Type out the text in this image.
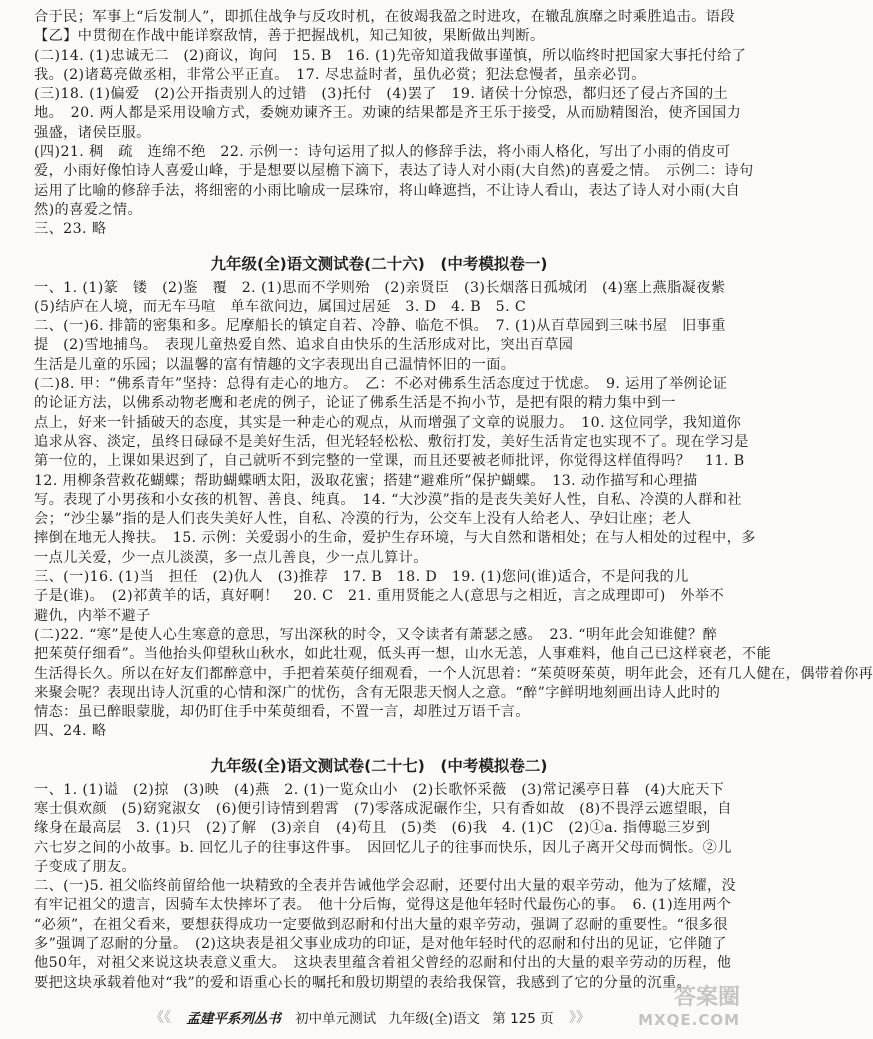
合于民；军事上“后发制人”，即抓住战争与反攻时机，在彼竭我盈之时进攻，在辙乱旗靡之时乘胜追击。语段
【乙】中贯彻在作战中能详察敌情，善于把握战机，知己知彼，果断做出判断。
(二)14. (1)忠诚无二　(2)商议，询问　15. B　16. (1)先帝知道我做事谨慎，所以临终时把国家大事托付给了
我。(2)诸葛亮做丞相，非常公平正直。　17. 尽忠益时者，虽仇必赏；犯法怠慢者，虽亲必罚。
(三)18. (1)偏爱　(2)公开指责别人的过错　(3)托付　(4)罢了　19. 诸侯十分惊恐，都归还了侵占齐国的土
地。　20. 两人都是采用设喻方式，委婉劝谏齐王。劝谏的结果都是齐王乐于接受，从而励精图治，使齐国国力
强盛，诸侯臣服。
(四)21. 稠　疏　连绵不绝　22. 示例一：诗句运用了拟人的修辞手法，将小雨人格化，写出了小雨的俏皮可
爱，小雨好像怕诗人喜爱山峰，于是想要以屋檐下滴下，表达了诗人对小雨(大自然)的喜爱之情。　示例二：诗句
运用了比喻的修辞手法，将细密的小雨比喻成一层珠帘，将山峰遮挡，不让诗人看山，表达了诗人对小雨(大自
然)的喜爱之情。
三、23. 略
九年级(全)语文测试卷(二十六)　(中考模拟卷一)
一、1. (1)篆　镂　(2)鉴　覆　2. (1)思而不学则殆　(2)亲贤臣　(3)长烟落日孤城闭　(4)塞上燕脂凝夜紫
(5)结庐在人境，而无车马喧　单车欲问边，属国过居延　3. D　4. B　5. C
二、(一)6. 排箭的密集和多。尼摩船长的镇定自若、冷静、临危不惧。　7. (1)从百草园到三味书屋　旧事重
提　(2)雪地捕鸟。　表现儿童热爱自然、追求自由快乐的生活形成对比，突出百草园
生活是儿童的乐园；以温馨的富有情趣的文字表现出自己温情怀旧的一面。
(二)8. 甲：“佛系青年”坚持：总得有走心的地方。　乙：不必对佛系生活态度过于忧虑。　9. 运用了举例论证
的论证方法，以佛系动物老鹰和老虎的例子，论证了佛系生活是不拘小节，是把有限的精力集中到一
点上，好来一针插破天的态度，其实是一种走心的观点，从而增强了文章的说服力。　10. 这位同学，我知道你
追求从容、淡定，虽终日碌碌不是美好生活，但光轻轻松松、敷衍打发，美好生活肯定也实现不了。现在学习是
第一位的，上课如果迟到了，自己就听不到完整的一堂课，而且还要被老师批评，你觉得这样值得吗？　11. B
12. 用柳条营救花蝴蝶；帮助蝴蝶晒太阳，汲取花蜜；搭建“避难所”保护蝴蝶。　13. 动作描写和心理描
写。表现了小男孩和小女孩的机智、善良、纯真。　14. “大沙漠”指的是丧失美好人性，自私、冷漠的人群和社
会；“沙尘暴”指的是人们丧失美好人性，自私、冷漠的行为，公交车上没有人给老人、孕妇让座；老人
摔倒在地无人搀扶。　15. 示例：关爱弱小的生命，爱护生存环境，与大自然和谐相处；在与人相处的过程中，多
一点儿关爱，少一点儿淡漠，多一点儿善良，少一点儿算计。
三、(一)16. (1)当　担任　(2)仇人　(3)推荐　17. B　18. D　19. (1)您问(谁)适合，不是问我的儿
子是(谁)。　(2)祁黄羊的话，真好啊！　20. C　21. 重用贤能之人(意思与之相近，言之成理即可)　外举不
避仇，内举不避子
(二)22. “寒”是使人心生寒意的意思，写出深秋的时令，又令读者有萧瑟之感。　23. “明年此会知谁健？醉
把茱萸仔细看”。当他抬头仰望秋山秋水，如此壮观，低头再一想，山水无恙，人事难料，他自己已这样衰老，不能
生活得长久。所以在好友们都醉意中，手把着茱萸仔细观看，一个人沉思着：“茱萸呀茱萸，明年此会，还有几人健在，偶带着你再
来聚会呢？表现出诗人沉重的心情和深广的忧伤，含有无限悲天悯人之意。“醉”字鲜明地刻画出诗人此时的
情态：虽已醉眼蒙胧，却仍盯住手中茱萸细看，不置一言，却胜过万语千言。
四、24. 略
九年级(全)语文测试卷(二十七)　(中考模拟卷二)
一、1. (1)谥　(2)掠　(3)映　(4)燕　2. (1)一览众山小　(2)长歌怀采薇　(3)常记溪亭日暮　(4)大庇天下
寒士俱欢颜　(5)窈窕淑女　(6)便引诗情到碧霄　(7)零落成泥碾作尘，只有香如故　(8)不畏浮云遮望眼，自
缘身在最高层　3. (1)只　(2)了解　(3)亲自　(4)苟且　(5)类　(6)我　4. (1)C　(2)①a. 指傅聪三岁到
六七岁之间的小故事。b. 回忆儿子的往事这件事。　因回忆儿子的往事而快乐，因儿子离开父母而惆怅。②儿
子变成了朋友。
二、(一)5. 祖父临终前留给他一块精致的全表并告诫他学会忍耐，还要付出大量的艰辛劳动，他为了炫耀，没
有牢记祖父的遗言，因骑车太快摔坏了表。　他十分后悔，觉得这是他年轻时代最伤心的事。　6. (1)连用两个
“必须”，在祖父看来，要想获得成功一定要做到忍耐和付出大量的艰辛劳动，强调了忍耐的重要性。“很多很
多”强调了忍耐的分量。　(2)这块表是祖父事业成功的印证，是对他年轻时代的忍耐和付出的见证，它伴随了
他50年，对祖父来说这块表意义重大。　这块表里蕴含着祖父曾经的忍耐和付出的大量的艰辛劳动的历程，他
要把这块承载着他对“我”的爱和语重心长的嘱托和殷切期望的表给我保管，我感到了它的分量的沉重。
《《	孟建平系列丛书 初中单元测试 九年级(全)语文 第 125 页	》》
答案圈
MXQE.COM
